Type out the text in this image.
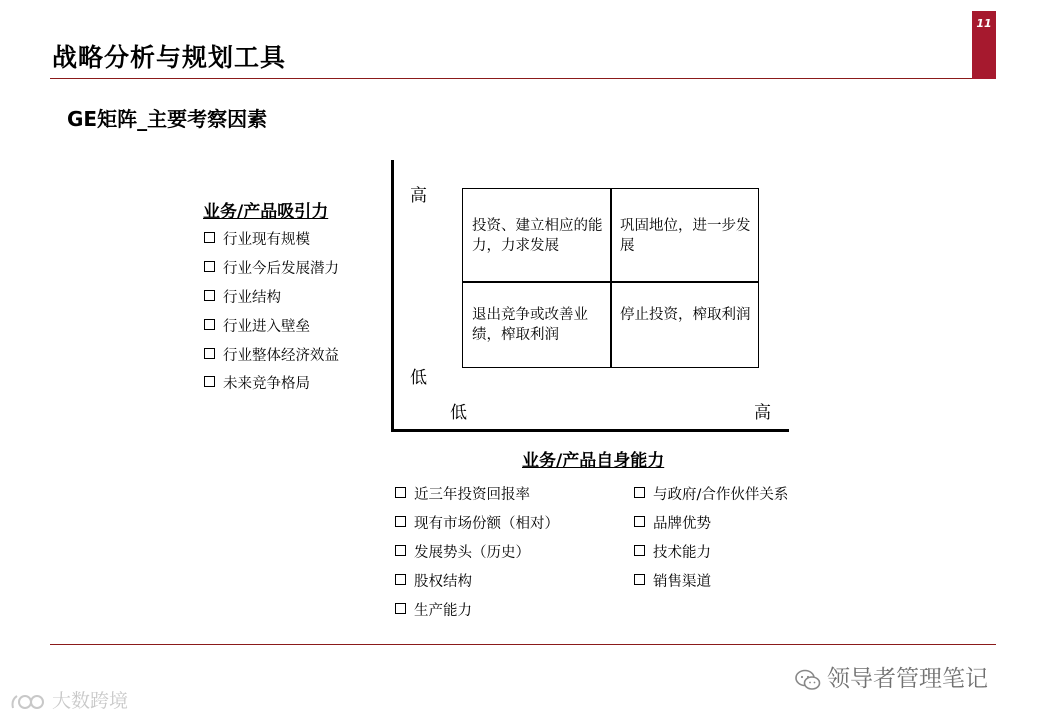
战略分析与规划工具
11
GE矩阵_主要考察因素
业务/产品吸引力
行业现有规模
行业今后发展潜力
行业结构
行业进入壁垒
行业整体经济效益
未来竞争格局
高
低
低	高
投资、建立相应的能力，力求发展
巩固地位，进一步发展
退出竞争或改善业绩，榨取利润
停止投资，榨取利润
业务/产品自身能力
近三年投资回报率
现有市场份额（相对）
发展势头（历史）
股权结构
生产能力
与政府/合作伙伴关系
品牌优势
技术能力
销售渠道
领导者管理笔记
大数跨境
